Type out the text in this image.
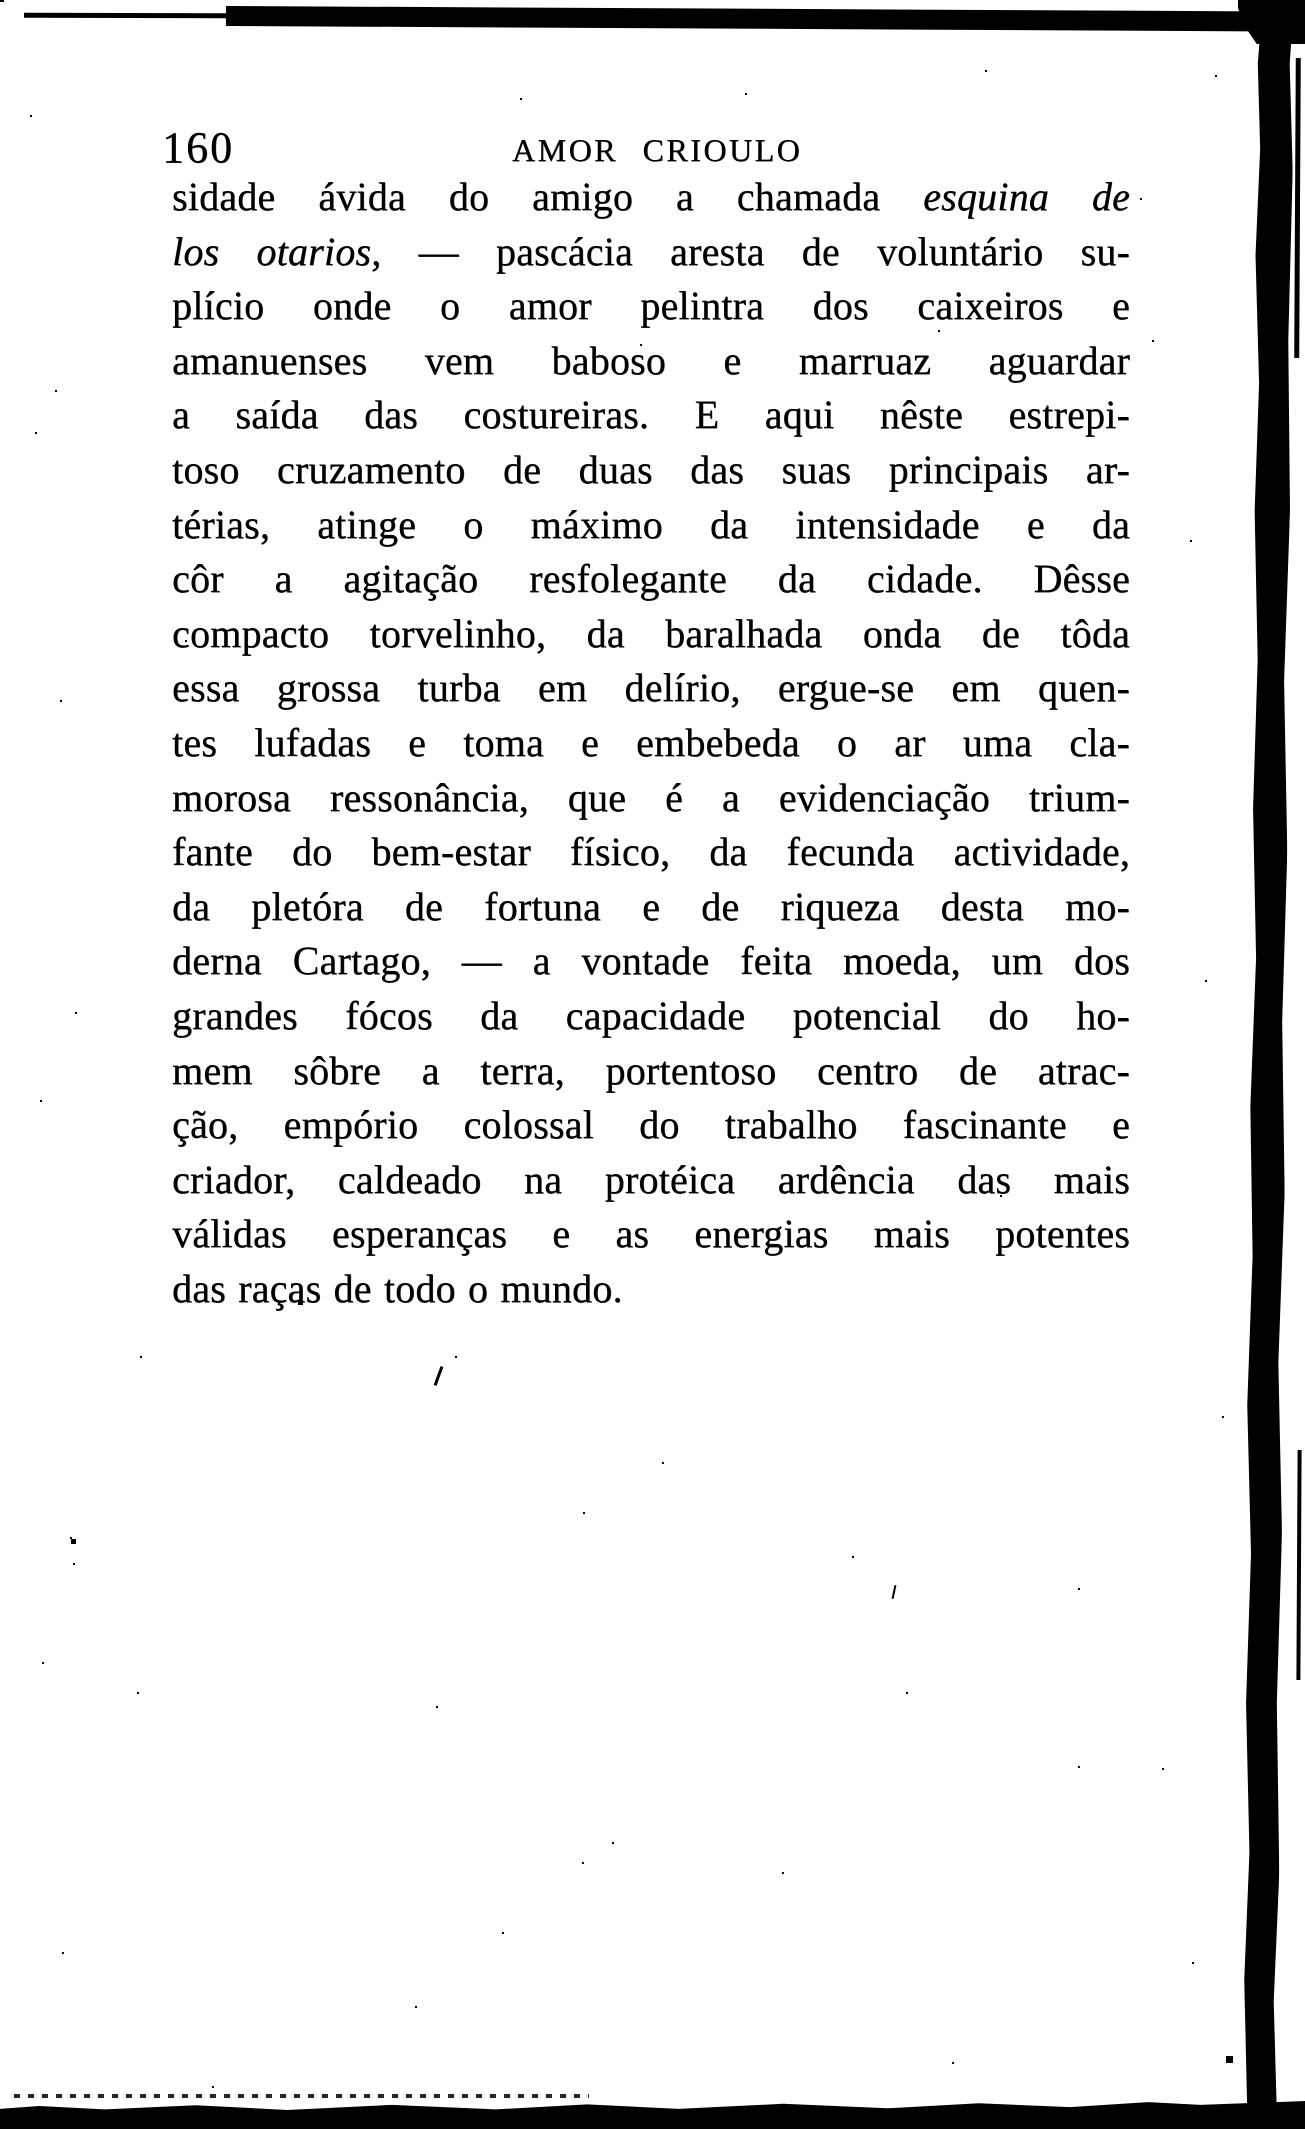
160	AMOR CRIOULO
sidade ávida do amigo a chamada esquina de
los otarios, — pascácia aresta de voluntário su-
plício onde o amor pelintra dos caixeiros e
amanuenses vem baboso e marruaz aguardar
a saída das costureiras. E aqui nêste estrepi-
toso cruzamento de duas das suas principais ar-
térias, atinge o máximo da intensidade e da
côr a agitação resfolegante da cidade. Dêsse
compacto torvelinho, da baralhada onda de tôda
essa grossa turba em delírio, ergue-se em quen-
tes lufadas e toma e embebeda o ar uma cla-
morosa ressonância, que é a evidenciação trium-
fante do bem-estar físico, da fecunda actividade,
da pletóra de fortuna e de riqueza desta mo-
derna Cartago, — a vontade feita moeda, um dos
grandes fócos da capacidade potencial do ho-
mem sôbre a terra, portentoso centro de atrac-
ção, empório colossal do trabalho fascinante e
criador, caldeado na protéica ardência das mais
válidas esperanças e as energias mais potentes
das raças de todo o mundo.
